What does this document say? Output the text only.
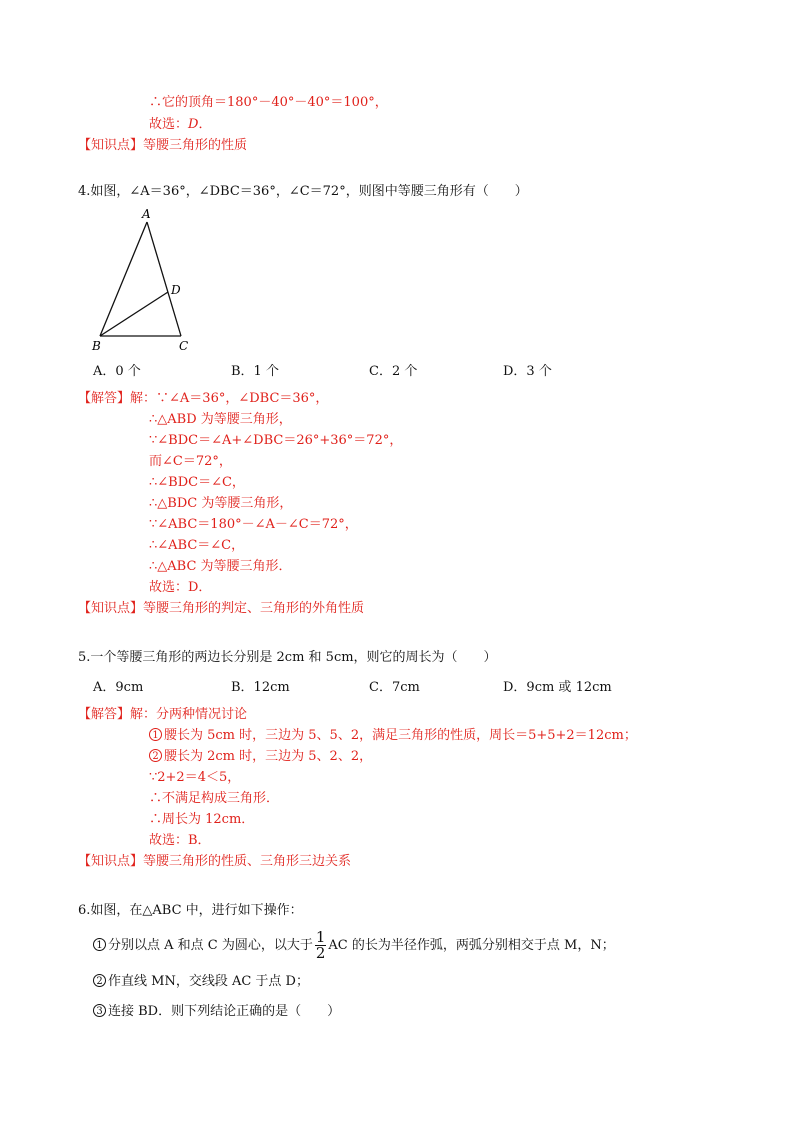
∴它的顶角＝180°－40°－40°＝100°，
故选：D．
【知识点】等腰三角形的性质
4.如图，∠A＝36°，∠DBC＝36°，∠C＝72°，则图中等腰三角形有（　　）
A
D
B	C
A．0 个	B．1 个	C．2 个	D．3 个
【解答】解：∵∠A＝36°，∠DBC＝36°，
∴△ABD 为等腰三角形，
∵∠BDC＝∠A+∠DBC＝26°+36°＝72°，
而∠C＝72°，
∴∠BDC＝∠C，
∴△BDC 为等腰三角形，
∵∠ABC＝180°－∠A－∠C＝72°，
∴∠ABC＝∠C，
∴△ABC 为等腰三角形．
故选：D．
【知识点】等腰三角形的判定、三角形的外角性质
5.一个等腰三角形的两边长分别是 2cm 和 5cm，则它的周长为（　　）
A．9cm	B．12cm	C．7cm	D．9cm 或 12cm
【解答】解：分两种情况讨论
1 腰长为 5cm 时，三边为 5、5、2，满足三角形的性质，周长＝5+5+2＝12cm；
2 腰长为 2cm 时，三边为 5、2、2，
∵2+2＝4＜5，
∴不满足构成三角形．
∴周长为 12cm．
故选：B．
【知识点】等腰三角形的性质、三角形三边关系
6.如图，在△ABC 中，进行如下操作：
1 分别以点 A 和点 C 为圆心，以大于 $\frac{1}{2}$ AC 的长为半径作弧，两弧分别相交于点 M，N；
2 作直线 MN，交线段 AC 于点 D；
3 连接 BD．则下列结论正确的是（　　）
